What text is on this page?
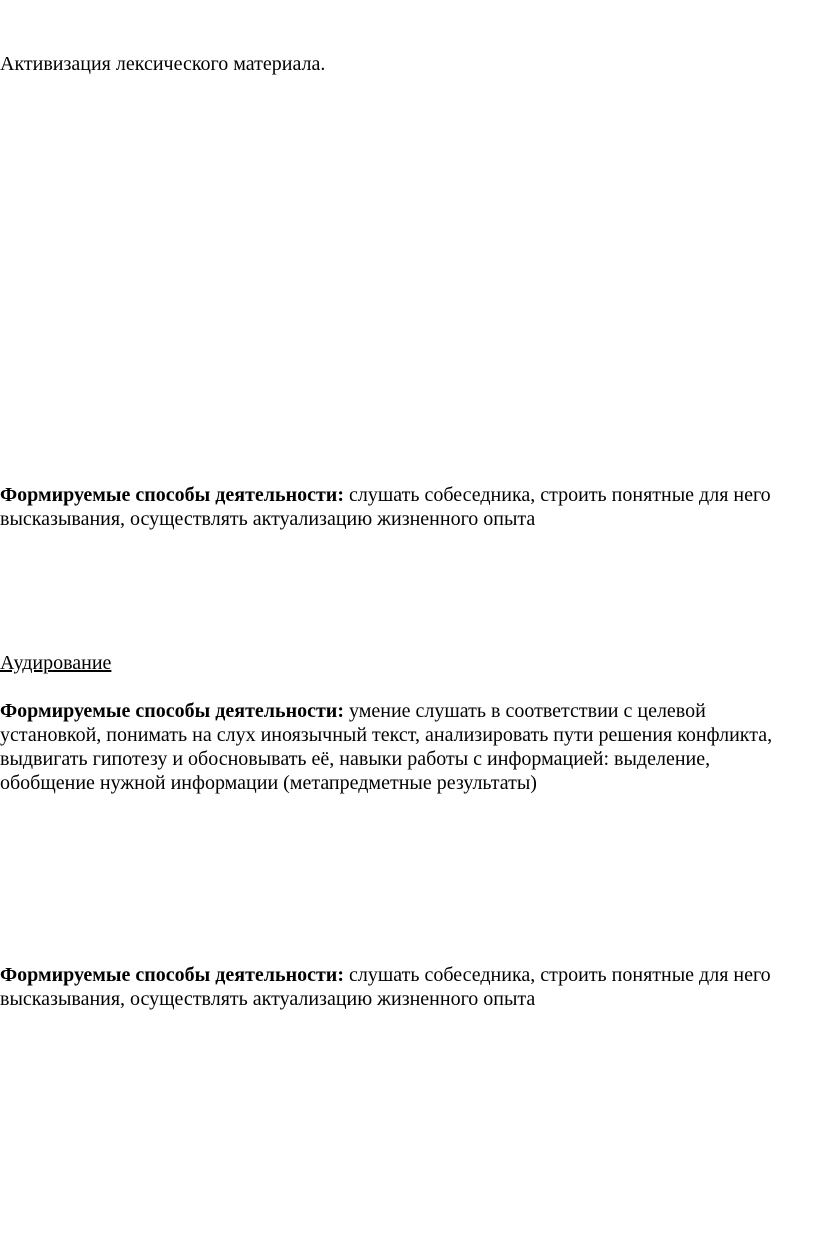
Активизация лексического материала.

Формируемые способы деятельности: слушать собеседника, строить понятные для него
высказывания, осуществлять актуализацию жизненного опыта

Аудирование

Формируемые способы деятельности: умение слушать в соответствии с целевой
установкой, понимать на слух иноязычный текст, анализировать пути решения конфликта,
выдвигать гипотезу и обосновывать её, навыки работы с информацией: выделение,
обобщение нужной информации (метапредметные результаты)
Формируемые способы деятельности: слушать собеседника, строить понятные для него
высказывания, осуществлять актуализацию жизненного опыта
